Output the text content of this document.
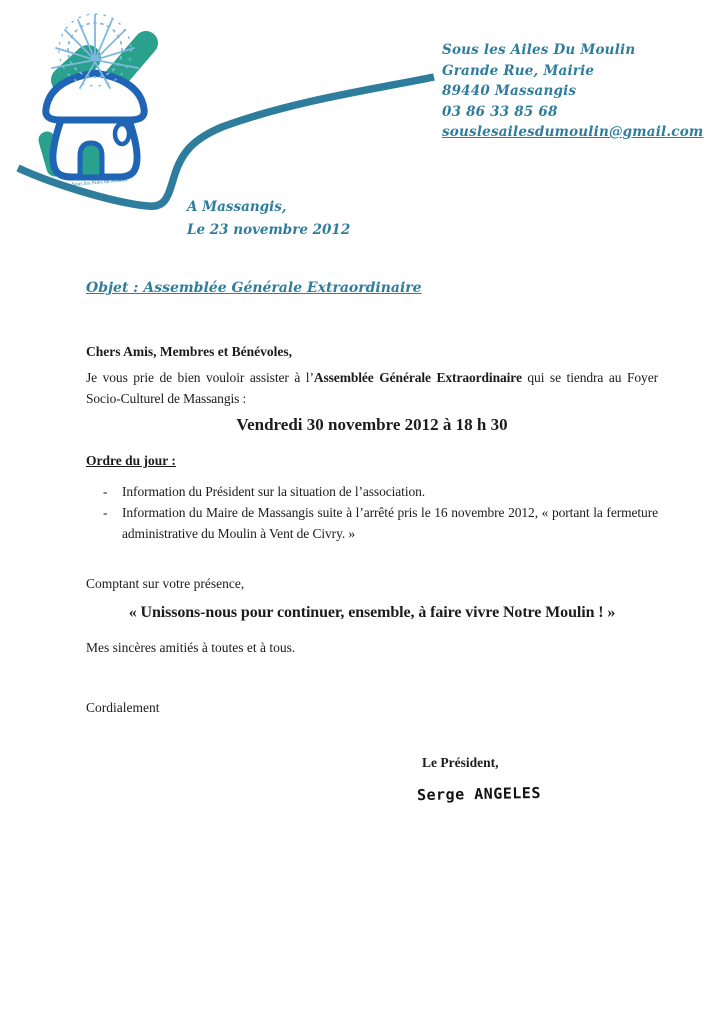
Sous les Ailes du Moulin
Sous les Ailes Du Moulin
Grande Rue, Mairie
89440 Massangis
03 86 33 85 68
souslesailesdumoulin@gmail.com
A Massangis,
Le 23 novembre 2012
Objet : Assemblée Générale Extraordinaire
Chers Amis, Membres et Bénévoles,

Je vous prie de bien vouloir assister à l’Assemblée Générale Extraordinaire qui se tiendra au Foyer Socio-Culturel de Massangis :

Vendredi 30 novembre 2012 à 18 h 30
Ordre du jour :
- Information du Président sur la situation de l’association.
- Information du Maire de Massangis suite à l’arrêté pris le 16 novembre 2012, « portant la fermeture administrative du Moulin à Vent de Civry. »
Comptant sur votre présence,
« Unissons-nous pour continuer, ensemble, à faire vivre Notre Moulin ! »
Mes sincères amitiés à toutes et à tous.
Cordialement
Le Président,
Serge ANGELES
